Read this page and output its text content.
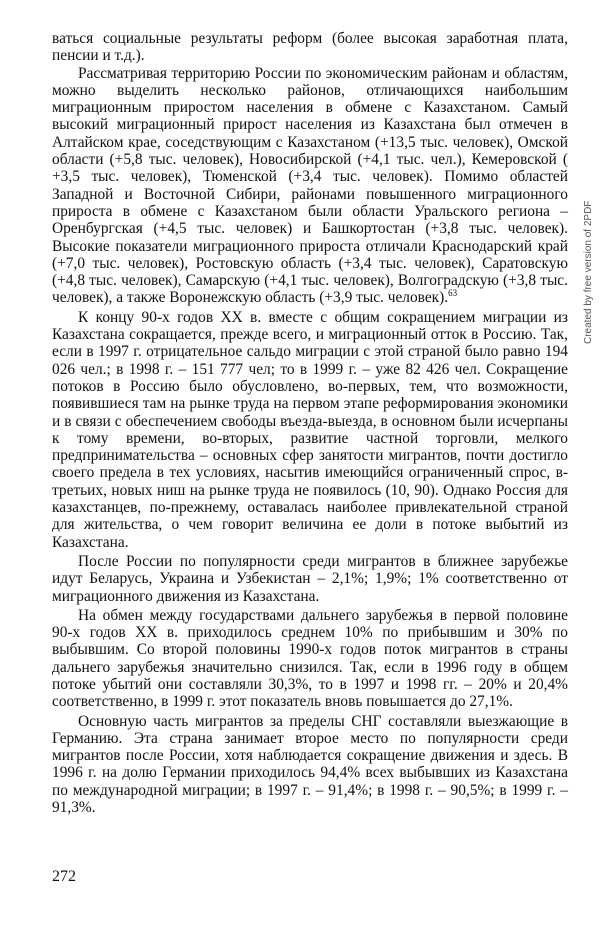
ваться социальные результаты реформ (более высокая заработная плата, пенсии и т.д.).

Рассматривая территорию России по экономическим районам и областям, можно выделить несколько районов, отличающихся наибольшим миграционным приростом населения в обмене с Казахстаном. Самый высокий миграционный прирост населения из Казахстана был отмечен в Алтайском крае, соседствующим с Казахстаном (+13,5 тыс. человек), Омской области (+5,8 тыс. человек), Новосибирской (+4,1 тыс. чел.), Кемеровской ( +3,5 тыс. человек), Тюменской (+3,4 тыс. человек). Помимо областей Западной и Восточной Сибири, районами повышенного миграционного прироста в обмене с Казахстаном были области Уральского региона – Оренбургская (+4,5 тыс. человек) и Башкортостан (+3,8 тыс. человек). Высокие показатели миграционного прироста отличали Краснодарский край (+7,0 тыс. человек), Ростовскую область (+3,4 тыс. человек), Саратовскую (+4,8 тыс. человек), Самарскую (+4,1 тыс. человек), Волгоградскую (+3,8 тыс. человек), а также Воронежскую область (+3,9 тыс. человек).$^{63}$

К концу 90-х годов XX в. вместе с общим сокращением миграции из Казахстана сокращается, прежде всего, и миграционный отток в Россию. Так, если в 1997 г. отрицательное сальдо миграции с этой страной было равно 194 026 чел.; в 1998 г. – 151 777 чел; то в 1999 г. – уже 82 426 чел. Сокращение потоков в Россию было обусловлено, во-первых, тем, что возможности, появившиеся там на рынке труда на первом этапе реформирования экономики и в связи с обеспечением свободы въезда-выезда, в основном были исчерпаны к тому времени, во-вторых, развитие частной торговли, мелкого предпринимательства – основных сфер занятости мигрантов, почти достигло своего предела в тех условиях, насытив имеющийся ограниченный спрос, в-третьих, новых ниш на рынке труда не появилось (10, 90). Однако Россия для казахстанцев, по-прежнему, оставалась наиболее привлекательной страной для жительства, о чем говорит величина ее доли в потоке выбытий из Казахстана.

После России по популярности среди мигрантов в ближнее зарубежье идут Беларусь, Украина и Узбекистан – 2,1%; 1,9%; 1% соответственно от миграционного движения из Казахстана.

На обмен между государствами дальнего зарубежья в первой половине 90-х годов XX в. приходилось среднем 10% по прибывшим и 30% по выбывшим. Со второй половины 1990-х годов поток мигрантов в страны дальнего зарубежья значительно снизился. Так, если в 1996 году в общем потоке убытий они составляли 30,3%, то в 1997 и 1998 гг. – 20% и 20,4% соответственно, в 1999 г. этот показатель вновь повышается до 27,1%.

Основную часть мигрантов за пределы СНГ составляли выезжающие в Германию. Эта страна занимает второе место по популярности среди мигрантов после России, хотя наблюдается сокращение движения и здесь. В 1996 г. на долю Германии приходилось 94,4% всех выбывших из Казахстана по международной миграции; в 1997 г. – 91,4%; в 1998 г. – 90,5%; в 1999 г. – 91,3%.

272
Created by free version of 2PDF
